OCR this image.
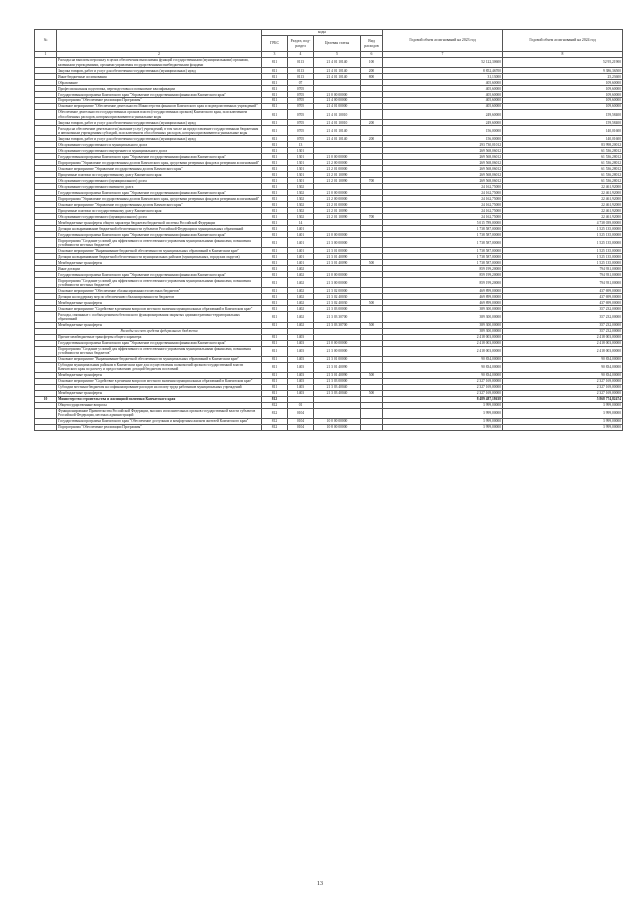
№		коды				Годовой объем ассигнований на 2023 год	Годовой объем ассигнований на 2024 год
		ГРБС	Раздел, под-раздел	Целевая статья	Вид расходов		
1	2	3	4	5	6	7	8
	Расходы на выплаты персоналу в целях обеспечения выполнения функций государственными (муниципальными) органами, казенными учреждениями, органами управления государственными внебюджетными фондами	811	0113	21 4 01 10140	100	52 122,30600	52 95,21900
	Закупка товаров, работ и услуг для обеспечения государственных (муниципальных) нужд	811	0113	21 4 01 10140	200	8 852,46700	9 386,36500
	Иные бюджетные ассигнования	811	0113	21 4 01 10140	800	31,13000	25,23600
	Образование	811	07			405,60000	109,60000
	Профессиональная подготовка, переподготовка и повышение квалификации	811	0705			405,60000	109,60000
	Государственная программа Камчатского края "Управление государственными финансами Камчатского края"	811	0705	21 0 00 00000		405,60000	109,60000
	Подпрограмма "Обеспечение реализации Программы"	811	0705	21 4 00 00000		405,60000	109,60000
	Основное мероприятие "Обеспечение деятельности Министерства финансов Камчатского края и подведомственных учреждений"	811	0705	21 4 01 00000		405,60000	109,60000
	Обеспечение деятельности государственных органов власти (государственных органов) Камчатского края, за исключением обособленных расходов, которым присваиваются уникальные коды	811	0705	21 4 01 10010		249,60000	159,58400
	Закупка товаров, работ и услуг для обеспечения государственных (муниципальных) нужд	811	0705	21 4 01 10010	200	249,60000	159,58400
	Расходы на обеспечение деятельности (оказание услуг) учреждений, в том числе на предоставление государственным бюджетным и автономным учреждениям субсидий, за исключением обособленных расходов, которым присваиваются уникальные коды	811	0705	21 4 01 10140		156,00000	140,01600
	Закупка товаров, работ и услуг для обеспечения государственных (муниципальных) нужд	811	0705	21 4 01 10140	200	156,00000	140,01600
	Обслуживание государственного и муниципального долга	811	13			293 730,01012	83 998,20012
	Обслуживание государственного внутреннего и муниципального долга	811	1301			269 568,06012	61 536,28012
	Государственная программа Камчатского края "Управление государственными финансами Камчатского края"	811	1301	21 0 00 00000		269 568,06012	61 536,28012
	Подпрограмма "Управление государственным долгом Камчатского края, средствами резервных фондов и резервами ассигнований"	811	1301	21 2 00 00000		269 568,06012	61 536,28012
	Основное мероприятие "Управление государственным долгом Камчатского края"	811	1301	21 2 01 00000		269 568,06012	61 536,28012
	Процентные платежи по государственному долгу Камчатского края	811	1301	21 2 01 10090		269 568,06012	61 536,28012
	Обслуживание государственного (муниципального) долга	811	1301	21 2 01 10090	700	269 568,06012	61 536,28012
	Обслуживание государственного внешнего долга	811	1302			24 162,75000	22 461,92000
	Государственная программа Камчатского края "Управление государственными финансами Камчатского края"	811	1302	21 0 00 00000		24 162,75000	22 461,92000
	Подпрограмма "Управление государственным долгом Камчатского края, средствами резервных фондов и резервами ассигнований"	811	1302	21 2 00 00000		24 162,75000	22 461,92000
	Основное мероприятие "Управление государственным долгом Камчатского края"	811	1302	21 2 01 00000		24 162,75000	22 461,92000
	Процентные платежи по государственному долгу Камчатского края	811	1302	21 2 01 10090		24 162,75000	22 461,92000
	Обслуживание государственного (муниципального) долга	811	1302	21 2 01 10090	700	24 162,75000	22 461,92000
	Межбюджетные трансферты общего характера бюджетам бюджетной системы Российской Федерации	811	14			5 015 789,00000	4 738 039,00000
	Дотации на выравнивание бюджетной обеспеченности субъектов Российской Федерации и муниципальных образований	811	1401			1 738 587,00000	1 525 135,00000
	Государственная программа Камчатского края "Управление государственными финансами Камчатского края"	811	1401	21 0 00 00000		1 738 587,00000	1 525 135,00000
	Подпрограмма "Создание условий для эффективного и ответственного управления муниципальными финансами, повышения устойчивости местных бюджетов"	811	1401	21 3 00 00000		1 738 587,00000	1 525 135,00000
	Основное мероприятие "Выравнивание бюджетной обеспеченности муниципальных образований в Камчатском крае"	811	1401	21 3 01 00000		1 738 587,00000	1 525 135,00000
	Дотации на выравнивание бюджетной обеспеченности муниципальных районов (муниципальных, городских округов)	811	1401	21 3 01 40090		1 738 587,00000	1 525 135,00000
	Межбюджетные трансферты	811	1401	21 3 01 40090	500	1 738 587,00000	1 525 135,00000
	Иные дотации	811	1402			859 199,20000	794 931,00000
	Государственная программа Камчатского края "Управление государственными финансами Камчатского края"	811	1402	21 0 00 00000		859 199,20000	794 931,00000
	Подпрограмма "Создание условий для эффективного и ответственного управления муниципальными финансами, повышения устойчивости местных бюджетов"	811	1402	21 3 00 00000		859 199,20000	794 931,00000
	Основное мероприятие "Обеспечение сбалансированности местных бюджетов"	811	1402	21 3 02 00000		469 899,00000	437 699,00000
	Дотации на поддержку мер по обеспечению сбалансированности бюджетов	811	1402	21 3 02 40030		469 899,00000	437 699,00000
	Межбюджетные трансферты	811	1402	21 3 02 40030	500	469 899,00000	437 699,00000
	Основное мероприятие "Содействие в решении вопросов местного значения муниципальных образований в Камчатском крае"	811	1402	21 3 03 00000		389 300,00000	357 232,00000
	Расходы, связанные с особым режимом безопасного функционирования закрытых административно-территориальных образований	811	1402	21 3 03 30700		389 300,00000	357 232,00000
	Межбюджетные трансферты	811	1402	21 3 03 30700	500	389 300,00000	357 232,00000
	Расходы за счет средств федерального бюджета					389 300,00000	357 232,00000
	Прочие межбюджетные трансферты общего характера	811	1403			2 418 003,00000	2 418 003,00000
	Государственная программа Камчатского края "Управление государственными финансами Камчатского края"	811	1403	21 0 00 00000		2 418 003,00000	2 418 003,00000
	Подпрограмма "Создание условий для эффективного и ответственного управления муниципальными финансами, повышения устойчивости местных бюджетов"	811	1403	21 3 00 00000		2 418 003,00000	2 418 003,00000
	Основное мероприятие "Выравнивание бюджетной обеспеченности муниципальных образований в Камчатском крае"	811	1403	21 3 01 00000		90 834,00000	90 834,00000
	Субсидии муниципальным районам в Камчатском крае для осуществления полномочий органов государственной власти Камчатского края по расчету и предоставлению дотаций бюджетам поселений	811	1403	21 3 01 40090		90 834,00000	90 834,00000
	Межбюджетные трансферты	811	1403	21 3 01 40090	500	90 834,00000	90 834,00000
	Основное мероприятие "Содействие в решении вопросов местного значения муниципальных образований в Камчатском крае"	811	1403	21 3 03 00000		2 327 169,00000	2 327 169,00000
	Субсидии местным бюджетам на софинансирование расходов на оплату труда работников муниципальных учреждений	811	1403	21 3 03 40040		2 327 169,00000	2 327 169,00000
	Межбюджетные трансферты	811	1403	21 3 03 40040	500	2 327 169,00000	2 327 169,00000
10	Министерство строительства и жилищной политики Камчатского края	812				8 489 487,18638	5 868 774,82474
	Общегосударственные вопросы	812	01			3 999,00000	3 999,00000
	Функционирование Правительства Российской Федерации, высших исполнительных органов государственной власти субъектов Российской Федерации, местных администраций	812	0104			3 999,00000	3 999,00000
	Государственная программа Камчатского края "Обеспечение доступным и комфортным жильем жителей Камчатского края"	812	0104	10 0 00 00000		3 999,00000	3 999,00000
	Подпрограмма "Обеспечение реализации Программы"	812	0104	10 8 00 00000		3 999,00000	3 999,00000
13
